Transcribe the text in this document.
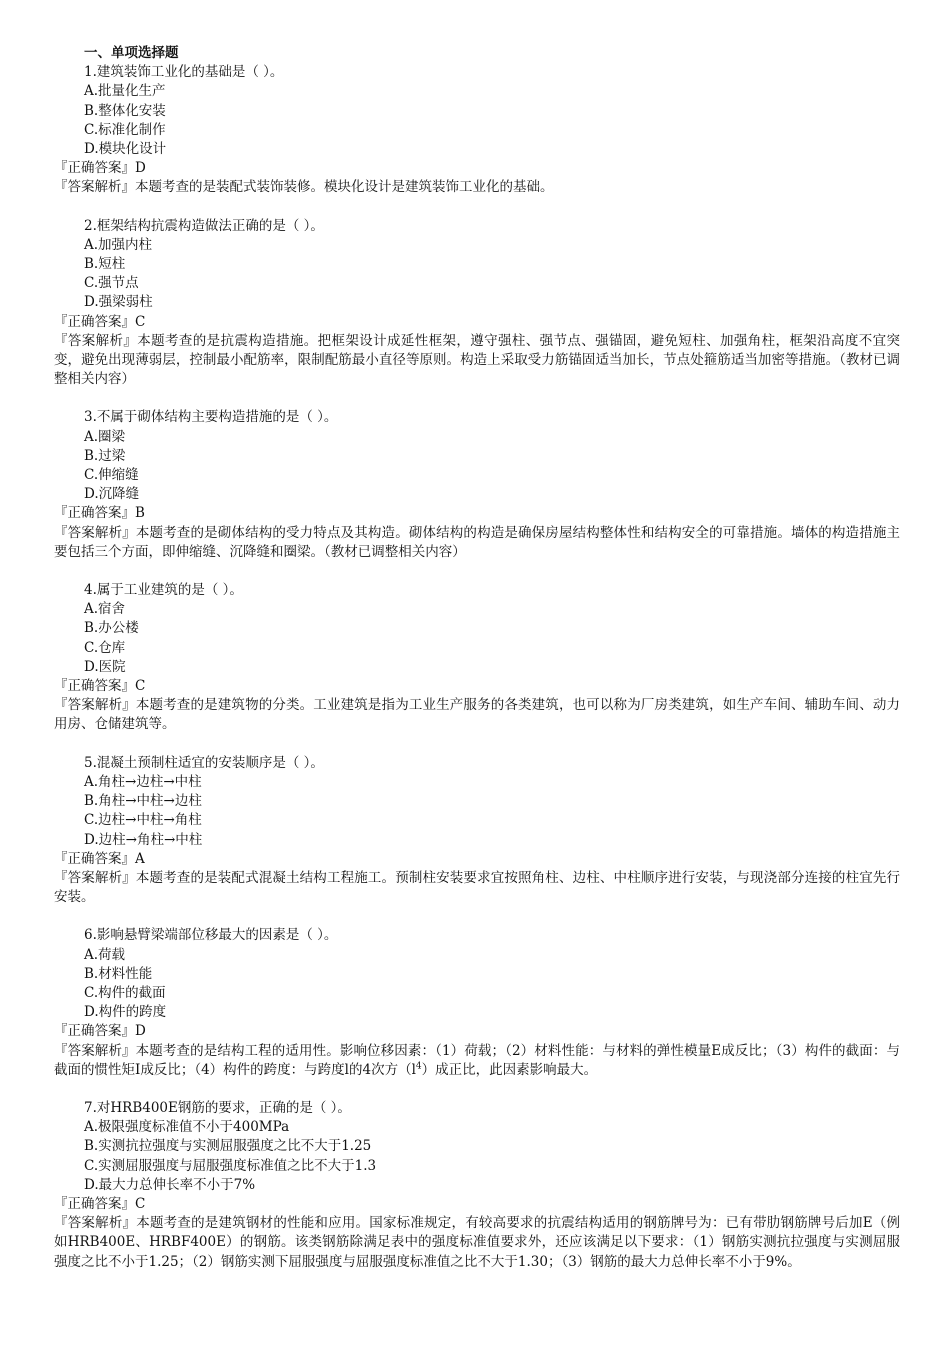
一、单项选择题
1.建筑装饰工业化的基础是（ ）。
A.批量化生产
B.整体化安装
C.标准化制作
D.模块化设计
『正确答案』D
『答案解析』本题考查的是装配式装饰装修。模块化设计是建筑装饰工业化的基础。
2.框架结构抗震构造做法正确的是（ ）。
A.加强内柱
B.短柱
C.强节点
D.强梁弱柱
『正确答案』C
『答案解析』本题考查的是抗震构造措施。把框架设计成延性框架，遵守强柱、强节点、强锚固，避免短柱、加强角柱，框架沿高度不宜突变，避免出现薄弱层，控制最小配筋率，限制配筋最小直径等原则。构造上采取受力筋锚固适当加长，节点处箍筋适当加密等措施。（教材已调整相关内容）
3.不属于砌体结构主要构造措施的是（ ）。
A.圈梁
B.过梁
C.伸缩缝
D.沉降缝
『正确答案』B
『答案解析』本题考查的是砌体结构的受力特点及其构造。砌体结构的构造是确保房屋结构整体性和结构安全的可靠措施。墙体的构造措施主要包括三个方面，即伸缩缝、沉降缝和圈梁。（教材已调整相关内容）
4.属于工业建筑的是（ ）。
A.宿舍
B.办公楼
C.仓库
D.医院
『正确答案』C
『答案解析』本题考查的是建筑物的分类。工业建筑是指为工业生产服务的各类建筑，也可以称为厂房类建筑，如生产车间、辅助车间、动力用房、仓储建筑等。
5.混凝土预制柱适宜的安装顺序是（ ）。
A.角柱→边柱→中柱
B.角柱→中柱→边柱
C.边柱→中柱→角柱
D.边柱→角柱→中柱
『正确答案』A
『答案解析』本题考查的是装配式混凝土结构工程施工。预制柱安装要求宜按照角柱、边柱、中柱顺序进行安装，与现浇部分连接的柱宜先行安装。
6.影响悬臂梁端部位移最大的因素是（ ）。
A.荷载
B.材料性能
C.构件的截面
D.构件的跨度
『正确答案』D
『答案解析』本题考查的是结构工程的适用性。影响位移因素：（1）荷载；（2）材料性能：与材料的弹性模量E成反比；（3）构件的截面：与截面的惯性矩I成反比；（4）构件的跨度：与跨度l的4次方$(l^4)$成正比，此因素影响最大。
7.对HRB400E钢筋的要求，正确的是（ ）。
A.极限强度标准值不小于400MPa
B.实测抗拉强度与实测屈服强度之比不大于1.25
C.实测屈服强度与屈服强度标准值之比不大于1.3
D.最大力总伸长率不小于7%
『正确答案』C
『答案解析』本题考查的是建筑钢材的性能和应用。国家标准规定，有较高要求的抗震结构适用的钢筋牌号为：已有带肋钢筋牌号后加E（例如HRB400E、HRBF400E）的钢筋。该类钢筋除满足表中的强度标准值要求外，还应该满足以下要求：（1）钢筋实测抗拉强度与实测屈服强度之比不小于1.25；（2）钢筋实测下屈服强度与屈服强度标准值之比不大于1.30；（3）钢筋的最大力总伸长率不小于9%。
